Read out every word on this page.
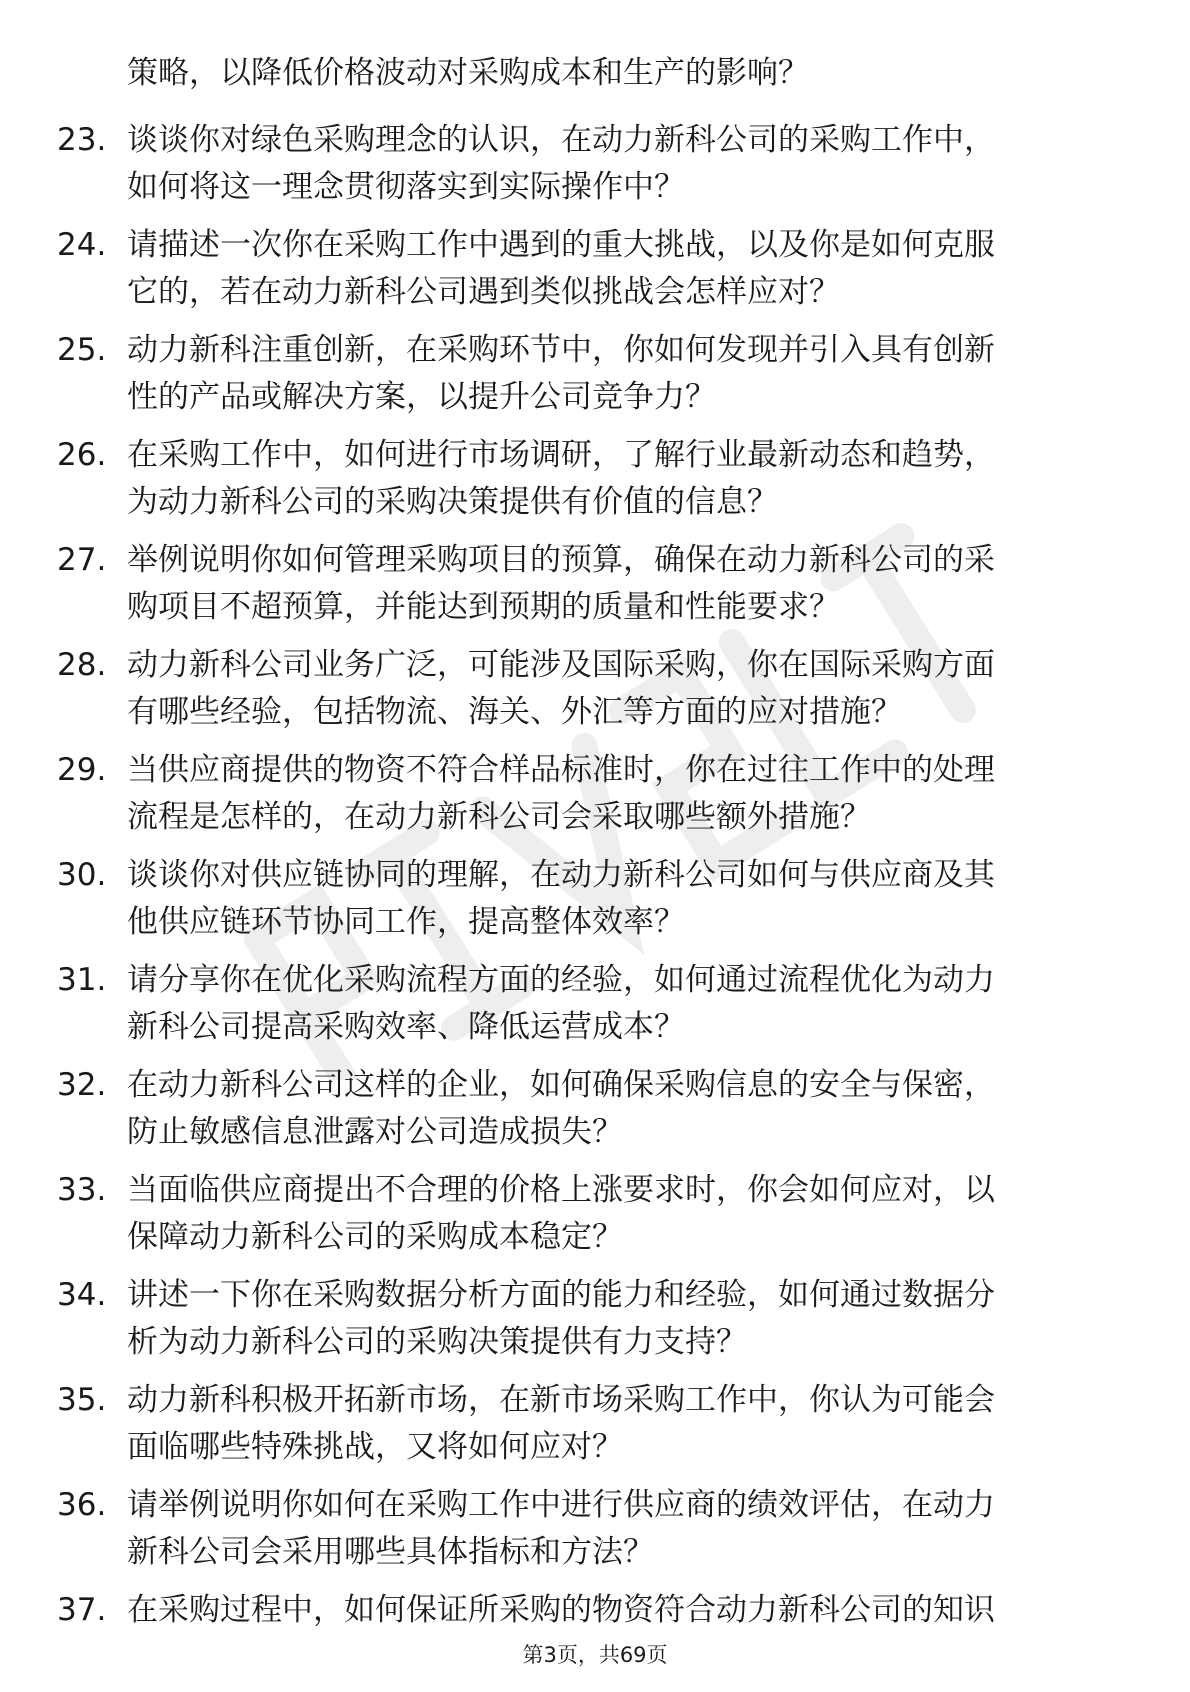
策略，以降低价格波动对采购成本和生产的影响？
23. 谈谈你对绿色采购理念的认识，在动力新科公司的采购工作中，
如何将这一理念贯彻落实到实际操作中？
24. 请描述一次你在采购工作中遇到的重大挑战，以及你是如何克服
它的，若在动力新科公司遇到类似挑战会怎样应对？
25. 动力新科注重创新，在采购环节中，你如何发现并引入具有创新
性的产品或解决方案，以提升公司竞争力？
26. 在采购工作中，如何进行市场调研，了解行业最新动态和趋势，
为动力新科公司的采购决策提供有价值的信息？
27. 举例说明你如何管理采购项目的预算，确保在动力新科公司的采
购项目不超预算，并能达到预期的质量和性能要求？
28. 动力新科公司业务广泛，可能涉及国际采购，你在国际采购方面
有哪些经验，包括物流、海关、外汇等方面的应对措施？
29. 当供应商提供的物资不符合样品标准时，你在过往工作中的处理
流程是怎样的，在动力新科公司会采取哪些额外措施？
30. 谈谈你对供应链协同的理解，在动力新科公司如何与供应商及其
他供应链环节协同工作，提高整体效率？
31. 请分享你在优化采购流程方面的经验，如何通过流程优化为动力
新科公司提高采购效率、降低运营成本？
32. 在动力新科公司这样的企业，如何确保采购信息的安全与保密，
防止敏感信息泄露对公司造成损失？
33. 当面临供应商提出不合理的价格上涨要求时，你会如何应对，以
保障动力新科公司的采购成本稳定？
34. 讲述一下你在采购数据分析方面的能力和经验，如何通过数据分
析为动力新科公司的采购决策提供有力支持？
35. 动力新科积极开拓新市场，在新市场采购工作中，你认为可能会
面临哪些特殊挑战，又将如何应对？
36. 请举例说明你如何在采购工作中进行供应商的绩效评估，在动力
新科公司会采用哪些具体指标和方法？
37. 在采购过程中，如何保证所采购的物资符合动力新科公司的知识
第3页，共69页
